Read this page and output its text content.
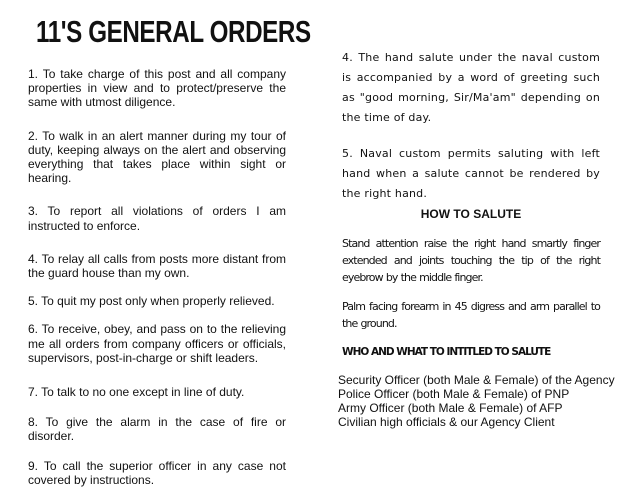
11'S GENERAL ORDERS

1. To take charge of this post and all company properties in view and to protect/preserve the same with utmost diligence.

2. To walk in an alert manner during my tour of duty, keeping always on the alert and observing everything that takes place within sight or hearing.

3. To report all violations of orders I am instructed to enforce.

4. To relay all calls from posts more distant from the guard house than my own.

5. To quit my post only when properly relieved.

6. To receive, obey, and pass on to the relieving me all orders from company officers or officials, supervisors, post-in-charge or shift leaders.

7. To talk to no one except in line of duty.

8. To give the alarm in the case of fire or disorder.

9. To call the superior officer in any case not covered by instructions.

4. The hand salute under the naval custom is accompanied by a word of greeting such as "good morning, Sir/Ma'am" depending on the time of day.

5. Naval custom permits saluting with left hand when a salute cannot be rendered by the right hand.

HOW TO SALUTE

Stand attention raise the right hand smartly finger extended and joints touching the tip of the right eyebrow by the middle finger.

Palm facing forearm in 45 digress and arm parallel to the ground.

WHO AND WHAT TO INTITLED TO SALUTE
Security Officer (both Male & Female) of the Agency
Police Officer (both Male & Female) of PNP
Army Officer (both Male & Female) of AFP
Civilian high officials & our Agency Client
